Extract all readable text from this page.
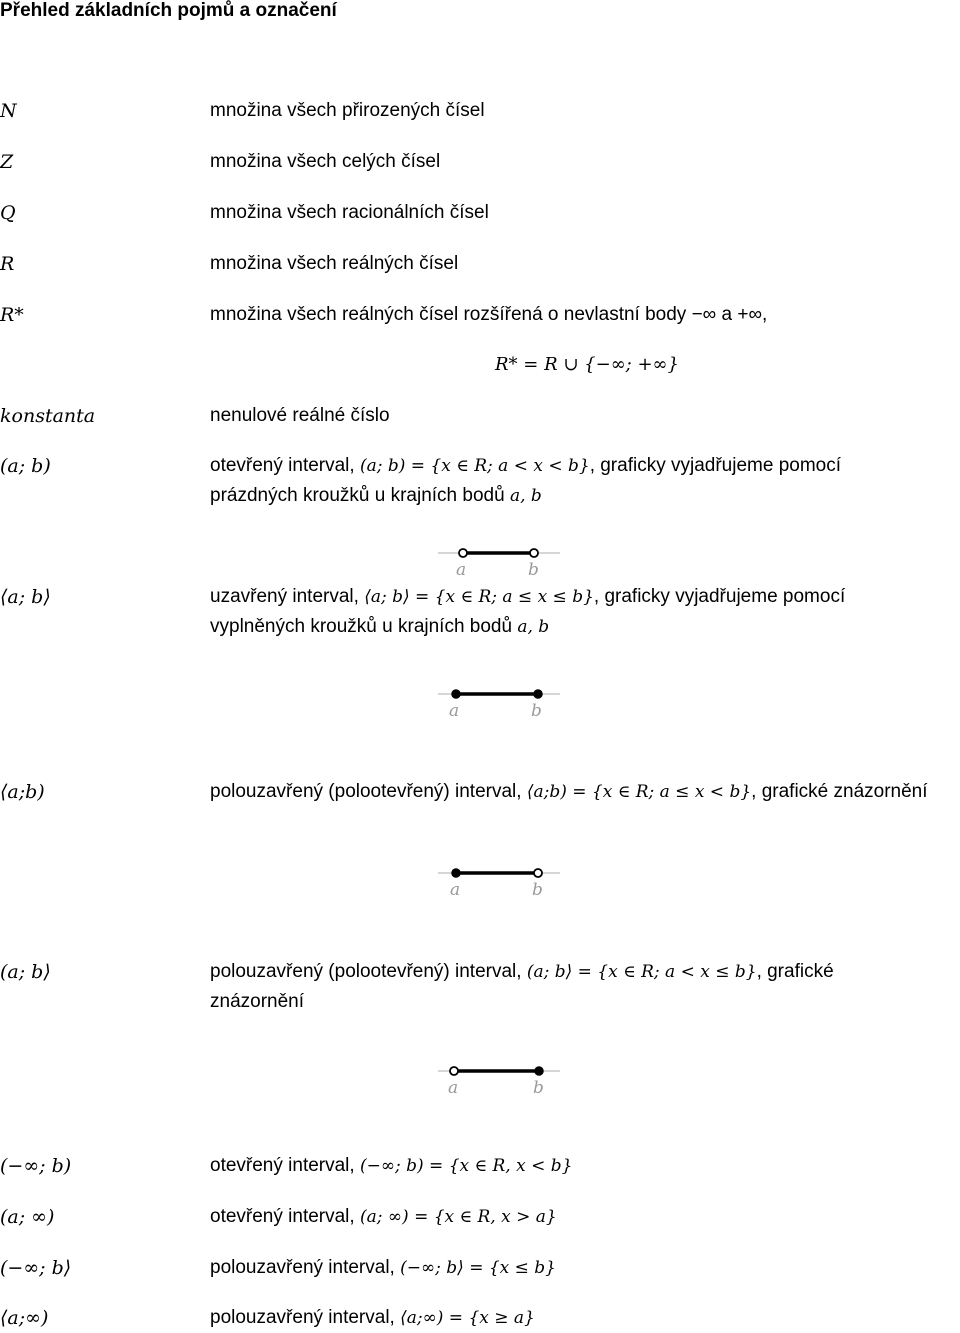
Přehled základních pojmů a označení
N	množina všech přirozených čísel
Z	množina všech celých čísel
Q	množina všech racionálních čísel
R	množina všech reálných čísel
R*	množina všech reálných čísel rozšířená o nevlastní body −∞ a +∞,
R* = R ∪ {−∞; +∞}
konstanta	nenulové reálné číslo
(a; b)	otevřený interval, (a; b) = {x ∈ R; a < x < b}, graficky vyjadřujeme pomocí
prázdných kroužků u krajních bodů a, b
a	b
⟨a; b⟩	uzavřený interval, ⟨a; b⟩ = {x ∈ R; a ≤ x ≤ b}, graficky vyjadřujeme pomocí
vyplněných kroužků u krajních bodů a, b
a	b
⟨a;b)	polouzavřený (polootevřený) interval, ⟨a;b) = {x ∈ R; a ≤ x < b}, grafické znázornění
a	b
(a; b⟩	polouzavřený (polootevřený) interval, (a; b⟩ = {x ∈ R; a < x ≤ b}, grafické
znázornění
a	b
(−∞; b)	otevřený interval, (−∞; b) = {x ∈ R, x < b}
(a; ∞)	otevřený interval, (a; ∞) = {x ∈ R, x > a}
(−∞; b⟩	polouzavřený interval, (−∞; b⟩ = {x ≤ b}
⟨a;∞)	polouzavřený interval, ⟨a;∞) = {x ≥ a}
